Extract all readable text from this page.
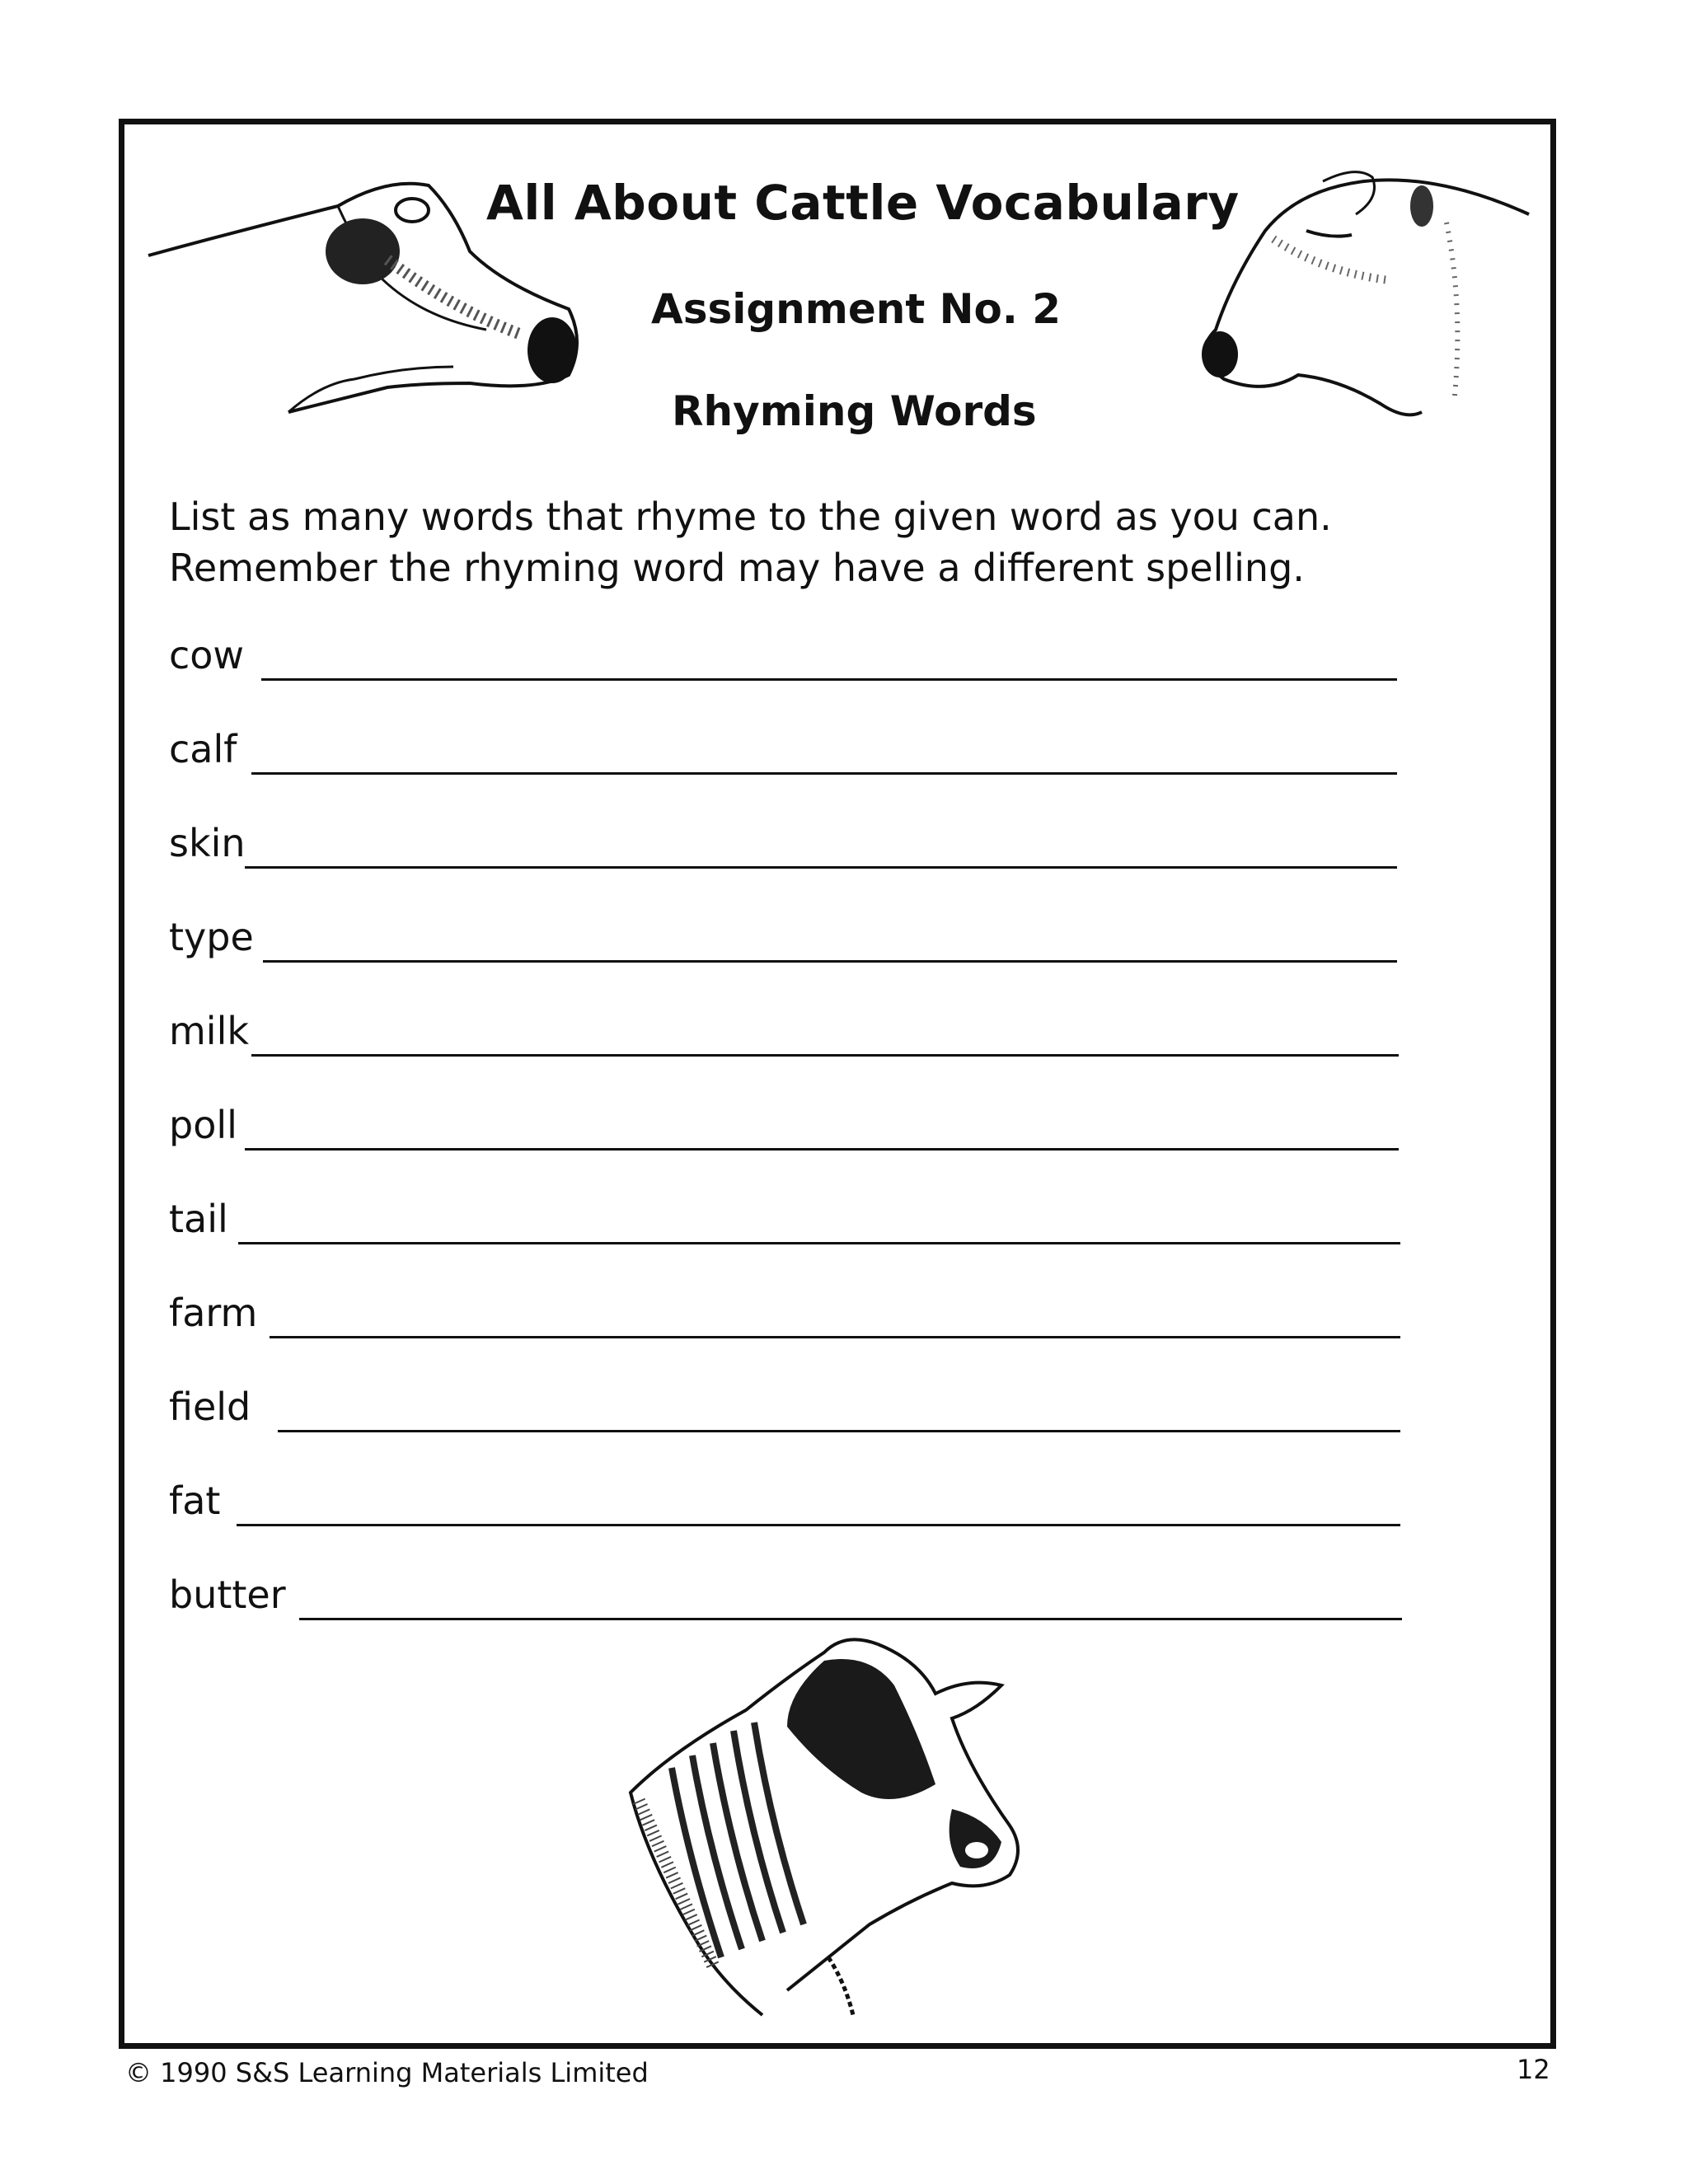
All About Cattle Vocabulary
Assignment No. 2
Rhyming Words
List as many words that rhyme to the given word as you can.
Remember the rhyming word may have a different spelling.
cow
calf
skin
type
milk
poll
tail
farm
field
fat
butter
© 1990 S&S Learning Materials Limited	12
